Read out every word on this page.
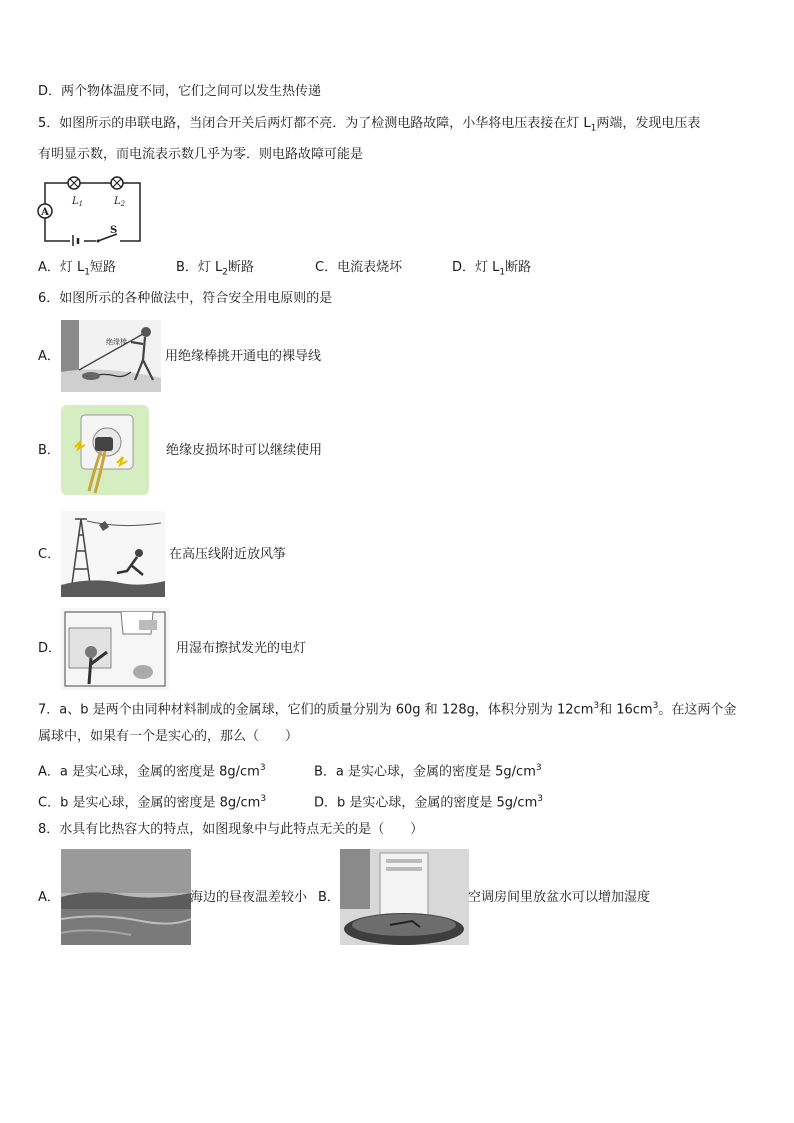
D．两个物体温度不同，它们之间可以发生热传递
5．如图所示的串联电路，当闭合开关后两灯都不亮．为了检测电路故障，小华将电压表接在灯 $L_1$两端，发现电压表
有明显示数，而电流表示数几乎为零．则电路故障可能是
A
$L_1$	$L_2$
S
A．灯 $L_1$短路	B．灯 $L_2$断路	C．电流表烧坏	D．灯 $L_1$断路
6．如图所示的各种做法中，符合安全用电原则的是
A．
绝缘棒
用绝缘棒挑开通电的裸导线
B．	绝缘皮损坏时可以继续使用
C．	在高压线附近放风筝
D．	用湿布擦拭发光的电灯
7．a、b 是两个由同种材料制成的金属球，它们的质量分别为 60g 和 128g，体积分别为 $12cm^3$和 $16cm^3$。在这两个金
属球中，如果有一个是实心的，那么（　　）
A．a 是实心球，金属的密度是 $8g/cm^3$	B．a 是实心球，金属的密度是 $5g/cm^3$
C．b 是实心球，金属的密度是 $8g/cm^3$	D．b 是实心球，金属的密度是 $5g/cm^3$
8．水具有比热容大的特点，如图现象中与此特点无关的是（　　）
A．	海边的昼夜温差较小 B．	空调房间里放盆水可以增加湿度
